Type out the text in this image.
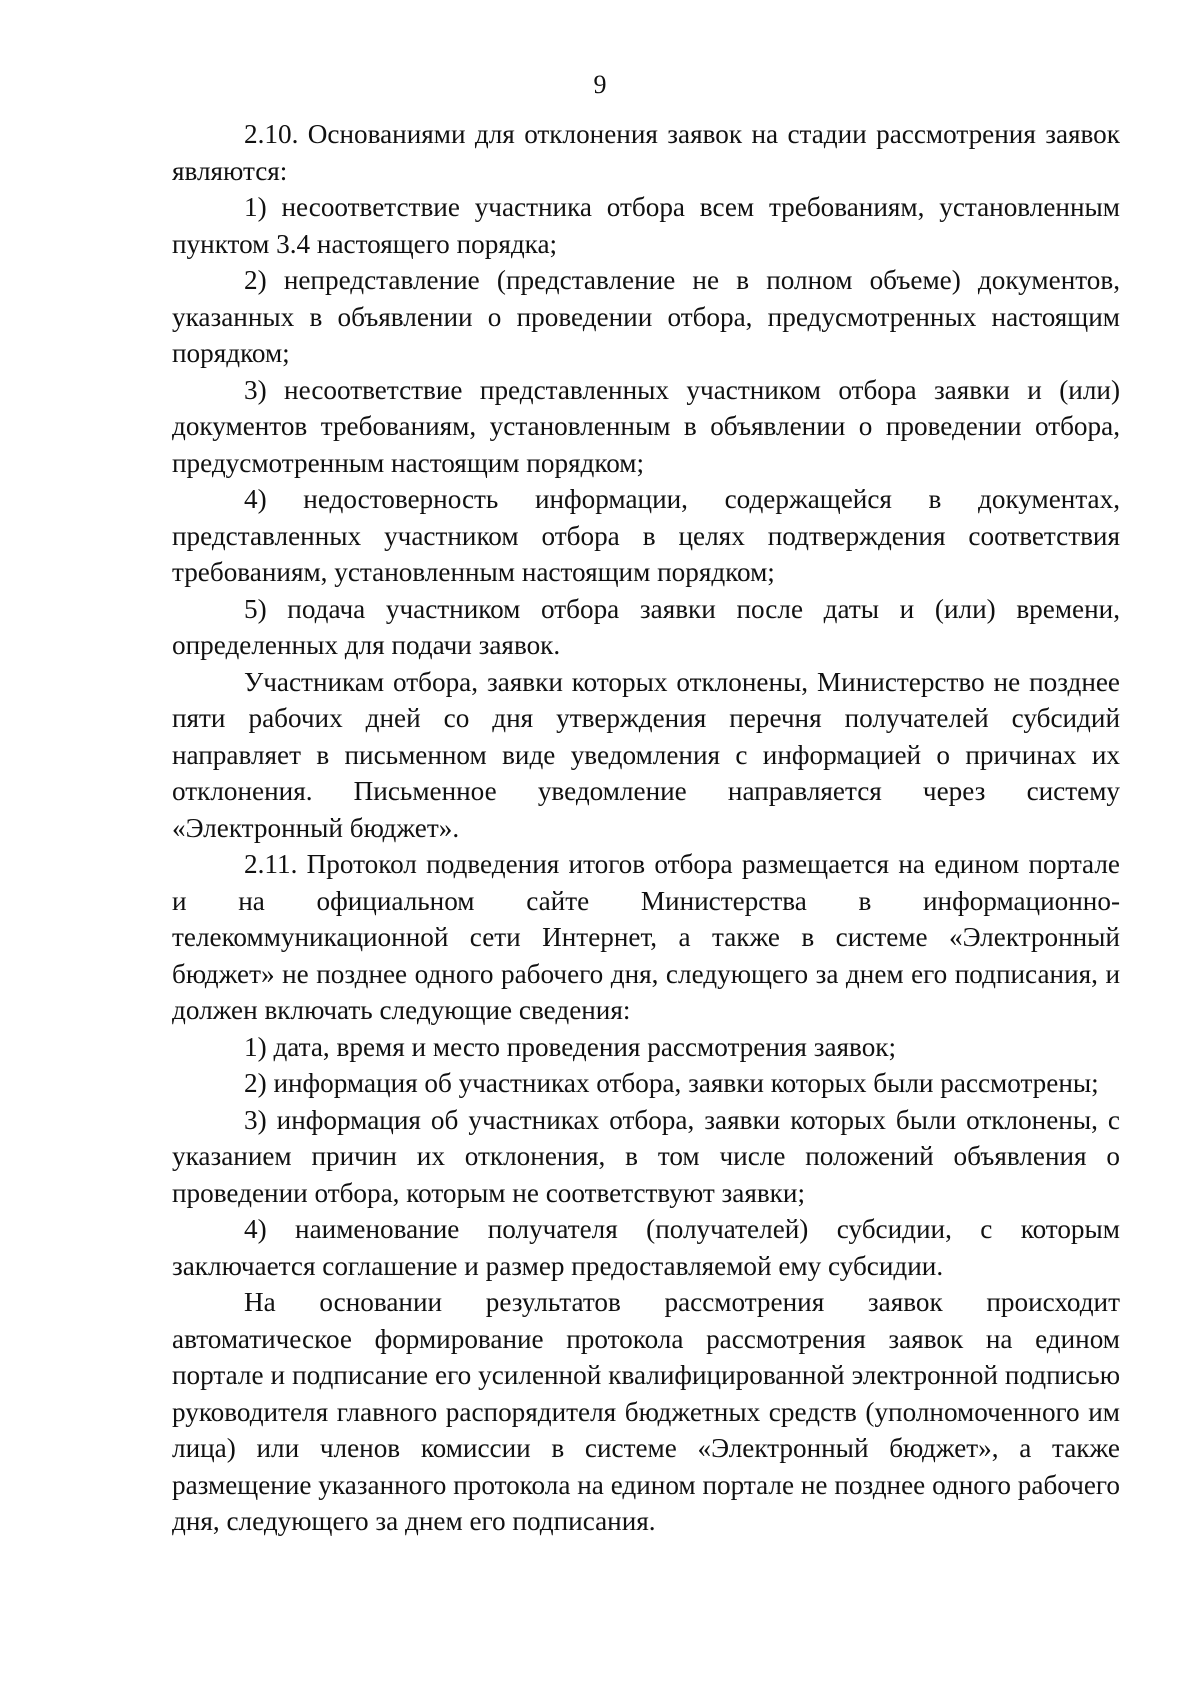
9

2.10. Основаниями для отклонения заявок на стадии рассмотрения заявок являются:

1) несоответствие участника отбора всем требованиям, установленным пунктом 3.4 настоящего порядка;

2) непредставление (представление не в полном объеме) документов, указанных в объявлении о проведении отбора, предусмотренных настоящим порядком;

3) несоответствие представленных участником отбора заявки и (или) документов требованиям, установленным в объявлении о проведении отбора, предусмотренным настоящим порядком;

4) недостоверность информации, содержащейся в документах, представленных участником отбора в целях подтверждения соответствия требованиям, установленным настоящим порядком;

5) подача участником отбора заявки после даты и (или) времени, определенных для подачи заявок.

Участникам отбора, заявки которых отклонены, Министерство не позднее пяти рабочих дней со дня утверждения перечня получателей субсидий направляет в письменном виде уведомления с информацией о причинах их отклонения. Письменное уведомление направляется через систему «Электронный бюджет».

2.11. Протокол подведения итогов отбора размещается на едином портале и на официальном сайте Министерства в информационно-телекоммуникационной сети Интернет, а также в системе «Электронный бюджет» не позднее одного рабочего дня, следующего за днем его подписания, и должен включать следующие сведения:

1) дата, время и место проведения рассмотрения заявок;

2) информация об участниках отбора, заявки которых были рассмотрены;

3) информация об участниках отбора, заявки которых были отклонены, с указанием причин их отклонения, в том числе положений объявления о проведении отбора, которым не соответствуют заявки;

4) наименование получателя (получателей) субсидии, с которым заключается соглашение и размер предоставляемой ему субсидии.

На основании результатов рассмотрения заявок происходит автоматическое формирование протокола рассмотрения заявок на едином портале и подписание его усиленной квалифицированной электронной подписью руководителя главного распорядителя бюджетных средств (уполномоченного им лица) или членов комиссии в системе «Электронный бюджет», а также размещение указанного протокола на едином портале не позднее одного рабочего дня, следующего за днем его подписания.
